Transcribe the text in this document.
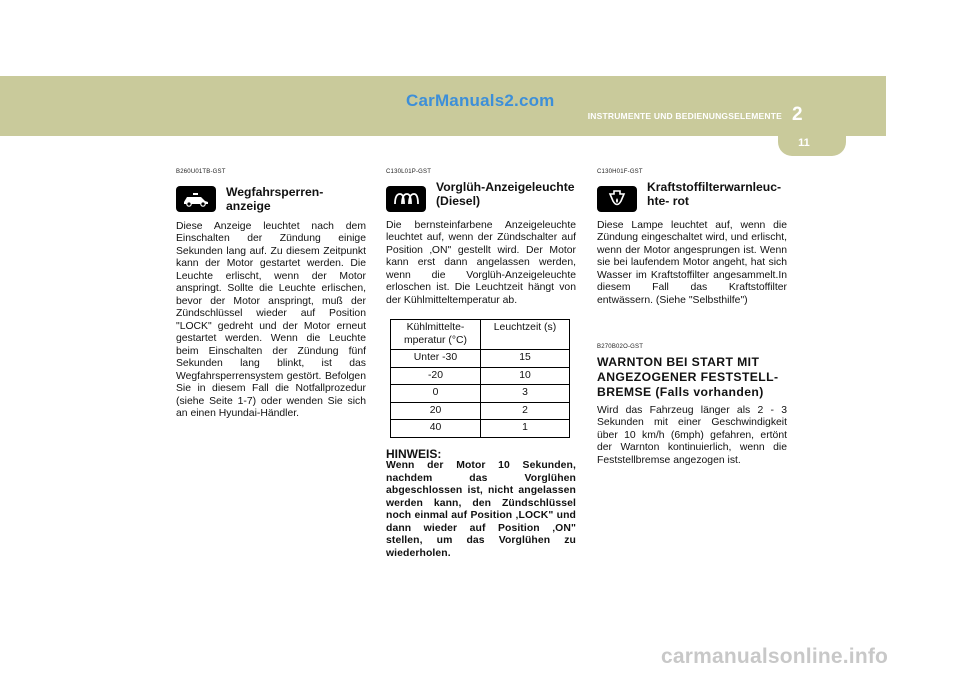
11
CarManuals2.com
INSTRUMENTE UND BEDIENUNGSELEMENTE 2
B260U01TB-GST
Wegfahrsperren-anzeige
Diese Anzeige leuchtet nach dem Einschalten der Zündung einige Sekunden lang auf. Zu diesem Zeitpunkt kann der Motor gestartet werden. Die Leuchte erlischt, wenn der Motor anspringt. Sollte die Leuchte erlischen, bevor der Motor anspringt, muß der Zündschlüssel wieder auf Position "LOCK" gedreht und der Motor erneut gestartet werden. Wenn die Leuchte beim Einschalten der Zündung fünf Sekunden lang blinkt, ist das Wegfahrsperrensystem gestört. Befolgen Sie in diesem Fall die Notfallprozedur (siehe Seite 1-7) oder wenden Sie sich an einen Hyundai-Händler.
C130L01P-GST
Vorglüh-Anzeigeleuchte
(Diesel)
Die bernsteinfarbene Anzeigeleuchte leuchtet auf, wenn der Zündschalter auf Position ‚ON" gestellt wird. Der Motor kann erst dann angelassen werden, wenn die Vorglüh-Anzeigeleuchte erloschen ist. Die Leuchtzeit hängt von der Kühlmitteltemperatur ab.
Kühlmittelte-
mperatur (°C)	Leuchtzeit (s)
Unter -30	15
-20	10
0	3
20	2
40	1
HINWEIS:
Wenn der Motor 10 Sekunden, nachdem das Vorglühen abgeschlossen ist, nicht angelassen werden kann, den Zündschlüssel noch einmal auf Position ‚LOCK" und dann wieder auf Position ‚ON" stellen, um das Vorglühen zu wiederholen.
C130H01F-GST
Kraftstoffilterwarnleuc-
hte- rot
Diese Lampe leuchtet auf, wenn die Zündung eingeschaltet wird, und erlischt, wenn der Motor angesprungen ist. Wenn sie bei laufendem Motor angeht, hat sich Wasser im Kraftstoffilter angesammelt.In diesem Fall das Kraftstoffilter entwässern. (Siehe "Selbsthilfe")
B270B02O-GST
WARNTON BEI START MIT ANGEZOGENER FESTSTELL-BREMSE (Falls vorhanden)
Wird das Fahrzeug länger als 2 - 3 Sekunden mit einer Geschwindigkeit über 10 km/h (6mph) gefahren, ertönt der Warnton kontinuierlich, wenn die Feststellbremse angezogen ist.
carmanualsonline.info
